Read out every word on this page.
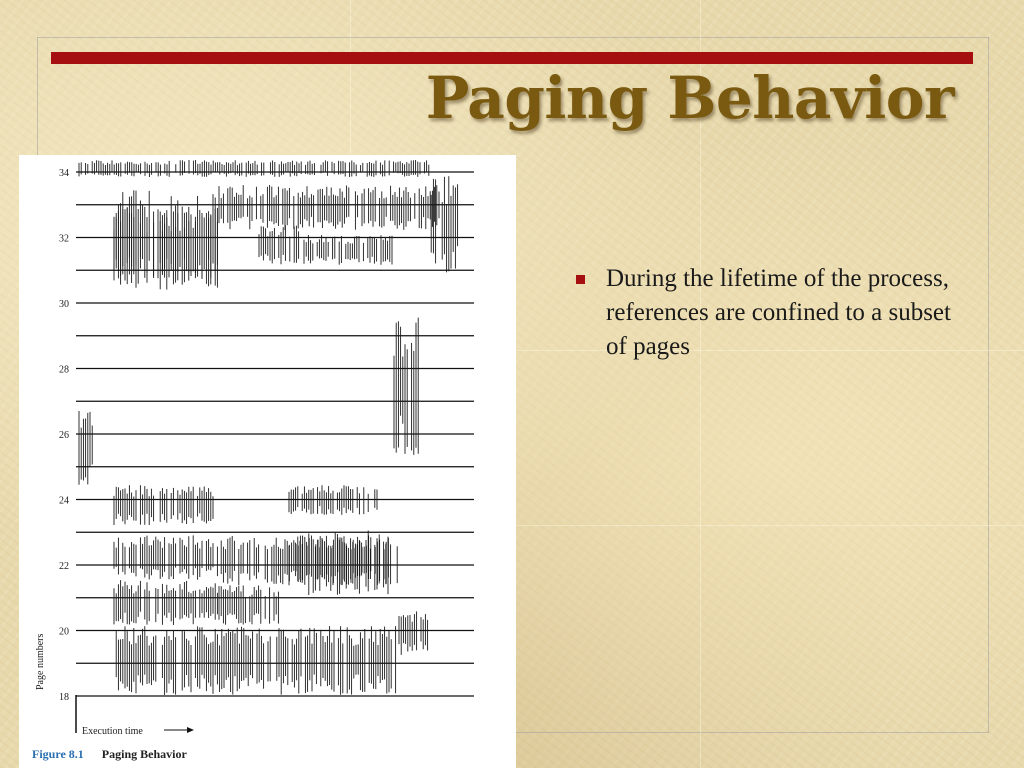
Paging Behavior
34
32
30
28
26
24
22
20
18
Execution time
Page numbers
Figure 8.1 Paging Behavior
During the lifetime of the process, references are confined to a subset of pages
